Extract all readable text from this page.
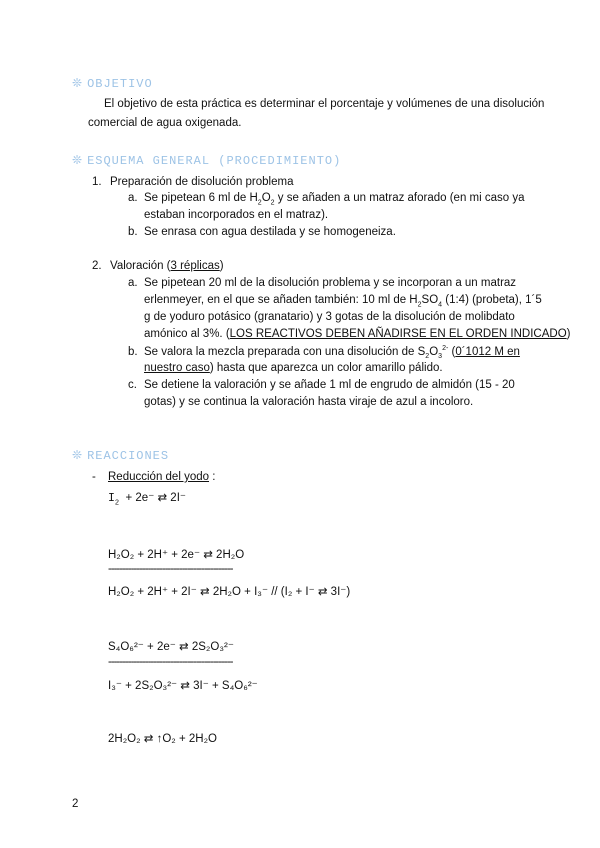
❊ OBJETIVO
El objetivo de esta práctica es determinar el porcentaje y volúmenes de una disolución
comercial de agua oxigenada.
❊ ESQUEMA GENERAL (PROCEDIMIENTO)
1. Preparación de disolución problema
a. Se pipetean 6 ml de $H_2O_2$ y se añaden a un matraz aforado (en mi caso ya
estaban incorporados en el matraz).
b. Se enrasa con agua destilada y se homogeneiza.
2. Valoración (3 réplicas)
a. Se pipetean 20 ml de la disolución problema y se incorporan a un matraz
erlenmeyer, en el que se añaden también: 10 ml de $H_2SO_4$ (1:4) (probeta), 1´5
g de yoduro potásico (granatario) y 3 gotas de la disolución de molibdato
amónico al 3%. (LOS REACTIVOS DEBEN AÑADIRSE EN EL ORDEN INDICADO)
b. Se valora la mezcla preparada con una disolución de $S_2O_3^{2-}$ (0´1012 M en
nuestro caso) hasta que aparezca un color amarillo pálido.
c. Se detiene la valoración y se añade 1 ml de engrudo de almidón (15 - 20
gotas) y se continua la valoración hasta viraje de azul a incoloro.
❊ REACCIONES
- Reducción del yodo :
$I_2 + 2e^-$ ⇄ 2I⁻
H₂O₂ + 2H⁺ + 2e⁻ ⇄ 2H₂O
--------------------------------------------
H₂O₂ + 2H⁺ + 2I⁻ ⇄ 2H₂O + I₃⁻ // (I₂ + I⁻ ⇄ 3I⁻)
S₄O₆²⁻ + 2e⁻ ⇄ 2S₂O₃²⁻
--------------------------------------------
I₃⁻ + 2S₂O₃²⁻ ⇄ 3I⁻ + S₄O₆²⁻
2H₂O₂ ⇄ ↑O₂ + 2H₂O
2
